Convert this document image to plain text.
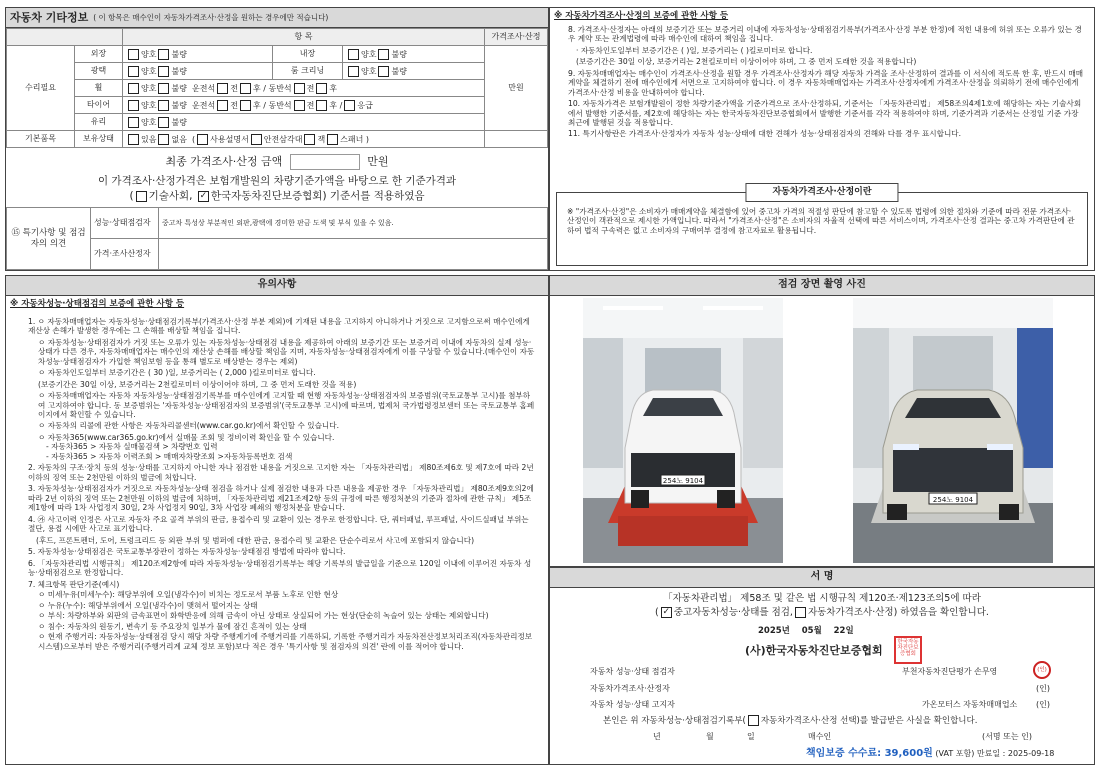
자동차 기타정보 ( 이 항목은 매수인이 자동차가격조사·산정을 원하는 경우에만 적습니다)
		항 목			가격조사·산정
수리필요	외장	양호 불량	내장	양호 불량	만원
	광택	양호 불량	룸 크리닝	양호 불량	
	휠	양호 불량 운전석 전 후 / 동반석 전 후			
	타이어	양호 불량 운전석 전 후 / 동반석 전 후 / 응급			
	유리	양호 불량			
기본품목	보유상태	있음 없음 ( 사용설명서 안전삼각대 잭 스패너 )			
최종 가격조사·산정 금액	만원
이 가격조사·산정가격은 보험개발원의 차량기준가액을 바탕으로 한 기준가격과
( 기술사회, ✓ 한국자동차진단보증협회) 기준서를 적용하였음
⑮ 특기사항 및 점검자의 의견	성능·상태점검자	중고차 특성상 부분적인 외판,광택에 경미한 판금 도색 및 부식 있을 수 있음.
	가격·조사산정자	
※ 자동차가격조사·산정의 보증에 관한 사항 등

8. 가격조사·산정자는 아래의 보증기간 또는 보증거리 이내에 자동차성능·상태점검기록부(가격조사·산정 부분 한정)에 적힌 내용에 허위 또는 오류가 있는 경우 계약 또는 관계법령에 따라 매수인에 대하여 책임을 집니다.

· 자동차인도일부터 보증기간은 ( )일, 보증거리는 ( )킬로미터로 합니다.

(보증기간은 30일 이상, 보증거리는 2천킬로미터 이상이어야 하며, 그 중 먼저 도래한 것을 적용합니다)

9. 자동차매매업자는 매수인이 가격조사·산정을 원할 경우 가격조사·산정자가 해당 자동차 가격을 조사·산정하여 결과를 이 서식에 적도록 한 후, 반드시 매매계약을 체결하기 전에 매수인에게 서면으로 고지하여야 합니다. 이 경우 자동차매매업자는 가격조사·산정자에게 가격조사·산정을 의뢰하기 전에 매수인에게 가격조사·산정 비용을 안내하여야 합니다.

10. 자동차가격은 보험개발원이 정한 차량기준가액을 기준가격으로 조사·산정하되, 기준서는 「자동차관리법」 제58조의4제1호에 해당하는 자는 기술사회에서 발행한 기준서를, 제2호에 해당하는 자는 한국자동차진단보증협회에서 발행한 기준서를 각각 적용하여야 하며, 기준가격과 기준서는 산정일 기준 가장 최근에 발행된 것을 적용합니다.

11. 특기사항란은 가격조사·산정자가 자동차 성능·상태에 대한 견해가 성능·상태점검자의 견해와 다를 경우 표시합니다.

자동차가격조사·산정이란

※ "가격조사·산정"은 소비자가 매매계약을 체결함에 있어 중고차 가격의 적절성 판단에 참고할 수 있도록 법령에 의한 절차와 기준에 따라 전문 가격조사·산정인이 객관적으로 제시한 가액입니다. 따라서 "가격조사·산정"은 소비자의 자율적 선택에 따른 서비스이며, 가격조사·산정 결과는 중고차 가격판단에 관하여 법적 구속력은 없고 소비자의 구매여부 결정에 참고자료로 활용됩니다.

유의사항
※ 자동차성능·상태점검의 보증에 관한 사항 등

1. ㅇ 자동차매매업자는 자동차성능·상태점검기록부(가격조사·산정 부분 제외)에 기재된 내용을 고지하지 아니하거나 거짓으로 고지함으로써 매수인에게 재산상 손해가 발생한 경우에는 그 손해를 배상할 책임을 집니다.

ㅇ 자동차성능·상태점검자가 거짓 또는 오류가 있는 자동차성능·상태점검 내용을 제공하여 아래의 보증기간 또는 보증거리 이내에 자동차의 실제 성능·상태가 다른 경우, 자동차매매업자는 매수인의 재산상 손해를 배상할 책임을 지며, 자동차성능·상태점검자에게 이를 구상할 수 있습니다.(매수인이 자동차성능·상태점검자가 가입한 책임보험 등을 통해 별도로 배상받는 경우는 제외)

ㅇ 자동차인도일부터 보증기간은 ( 30 )일, 보증거리는 ( 2,000 )킬로미터로 합니다.

(보증기간은 30일 이상, 보증거리는 2천킬로미터 이상이어야 하며, 그 중 먼저 도래한 것을 적용)

ㅇ 자동차매매업자는 자동차 자동차성능·상태점검기록부를 매수인에게 고지할 때 현행 자동차성능·상태점검자의 보증범위(국토교통부 고시)를 첨부하여 고지하여야 합니다. 동 보증범위는 '자동차성능·상태점검자의 보증범위'(국토교통부 고시)에 따르며, 법제처 국가법령정보센터 또는 국토교통부 홈페이지에서 확인할 수 있습니다.

ㅇ 자동차의 리콜에 관한 사항은 자동차리콜센터(www.car.go.kr)에서 확인할 수 있습니다.

ㅇ 자동차365(www.car365.go.kr)에서 실매물 조회 및 정비이력 확인을 할 수 있습니다.

- 자동차365 > 자동차 실매물검색 > 차량번호 입력

- 자동차365 > 자동차 이력조회 > 매매자차량조회 >자동차등록번호 검색

2. 자동차의 구조·장치 등의 성능·상태를 고지하지 아니한 자나 점검한 내용을 거짓으로 고지한 자는 「자동차관리법」 제80조제6호 및 제7호에 따라 2년 이하의 징역 또는 2천만원 이하의 벌금에 처합니다.

3. 자동차성능·상태점검자가 거짓으로 자동차성능·상태 점검을 하거나 실제 점검한 내용과 다른 내용을 제공한 경우 「자동차관리법」 제80조제9호의2에 따라 2년 이하의 징역 또는 2천만원 이하의 벌금에 처하며, 「자동차관리법 제21조제2항 등의 규정에 따른 행정처분의 기준과 절차에 관한 규칙」 제5조제1항에 따라 1차 사업정지 30일, 2차 사업정지 90일, 3차 사업장 폐쇄의 행정처분을 받습니다.

4. ㉮ 사고이력 인정은 사고로 자동차 주요 골격 부위의 판금, 용접수리 및 교환이 있는 경우로 한정합니다. 단, 쿼터패널, 루프패널, 사이드실패널 부위는 절단, 용접 시에만 사고로 표기합니다.

(후드, 프론트펜더, 도어, 트렁크리드 등 외판 부위 및 범퍼에 대한 판금, 용접수리 및 교환은 단순수리로서 사고에 포함되지 않습니다)

5. 자동차성능·상태점검은 국토교통부장관이 정하는 자동차성능·상태점검 방법에 따라야 합니다.

6. 「자동차관리법 시행규칙」 제120조제2항에 따라 자동차성능·상태점검기록부는 해당 기록부의 발급일을 기준으로 120일 이내에 이루어진 자동차 성능·상태점검으로 한정합니다.

7. 체크항목 판단기준(예시)

ㅇ 미세누유(미세누수): 해당부위에 오일(냉각수)이 비치는 정도로서 부품 노후로 인한 현상

ㅇ 누유(누수): 해당부위에서 오일(냉각수)이 맺혀서 떨어지는 상태

ㅇ 부식: 차량하부와 외판의 금속표면이 화학반응에 의해 금속이 아닌 상태로 상실되어 가는 현상(단순히 녹슬어 있는 상태는 제외합니다)

ㅇ 침수: 자동차의 원동기, 변속기 등 주요장치 일부가 물에 잠긴 흔적이 있는 상태

ㅇ 현재 주행거리: 자동차성능·상태점검 당시 해당 차량 주행계기에 주행거리를 기록하되, 기록한 주행거리가 자동차전산정보처리조직(자동차관리정보시스템)으로부터 받은 주행거리(주행거리계 교체 정보 포함)보다 적은 경우 '특기사항 및 점검자의 의견' 란에 이를 적어야 합니다.

점검 장면 촬영 사진
254노 9104
254노 9104
서 명
「자동차관리법」 제58조 및 같은 법 시행규칙 제120조·제123조의5에 따라
( ✓ 중고자동차성능·상태를 점검, 자동차가격조사·산정) 하였음을 확인합니다.
2025년 05월 22일
(사)한국자동차진단보증협회
한국자동차진단보증협회
자동차 성능·상태 점검자	부천자동차진단평가 손무영	(인)
자동차가격조사·산정자	(인)
자동차 성능·상태 고지자	가온모터스 자동차매매업소 (인)
본인은 위 자동차성능·상태점검기록부( 자동차가격조사·산정 선택)를 발급받은 사실을 확인합니다.
년	월	일	매수인	(서명 또는 인)
책임보증 수수료: 39,600원 (VAT 포함) 만료일 : 2025-09-18
